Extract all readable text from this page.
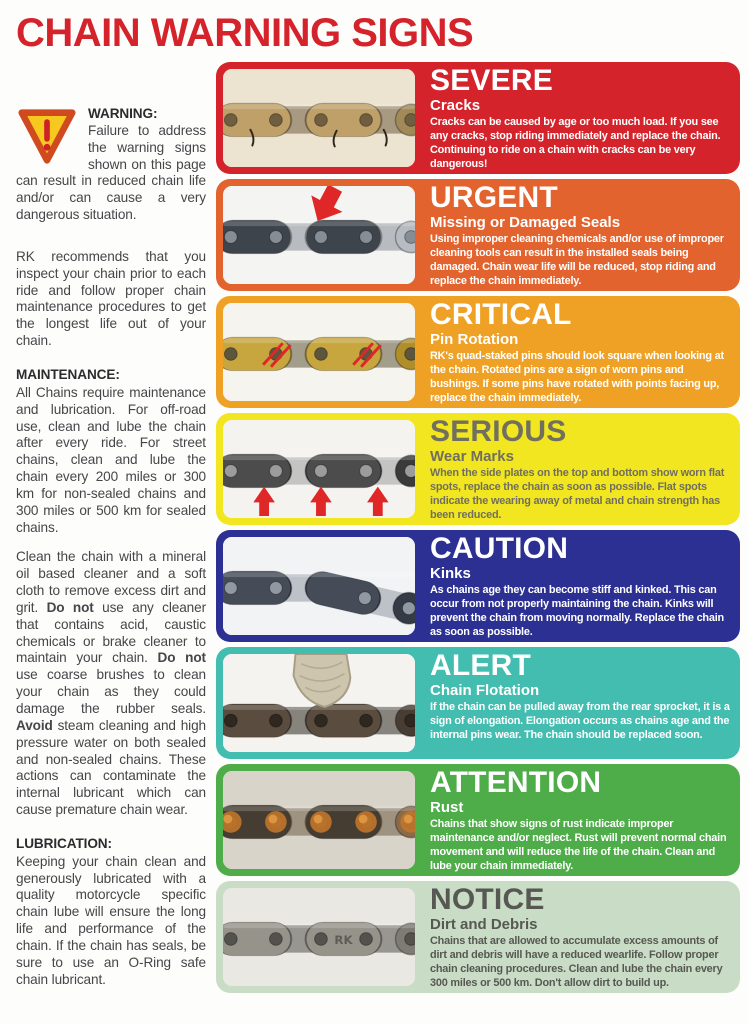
CHAIN WARNING SIGNS

WARNING:
Failure to address the warning signs shown on this page can result in reduced chain life and/or can cause a very dangerous situation.

RK recommends that you inspect your chain prior to each ride and follow proper chain maintenance procedures to get the longest life out of your chain.

MAINTENANCE:

All Chains require maintenance and lubrication. For off-road use, clean and lube the chain after every ride. For street chains, clean and lube the chain every 200 miles or 300 km for non-sealed chains and 300 miles or 500 km for sealed chains.

Clean the chain with a mineral oil based cleaner and a soft cloth to remove excess dirt and grit. Do not use any cleaner that contains acid, caustic chemicals or brake cleaner to maintain your chain. Do not use coarse brushes to clean your chain as they could damage the rubber seals. Avoid steam cleaning and high pressure water on both sealed and non-sealed chains. These actions can contaminate the internal lubricant which can cause premature chain wear.

LUBRICATION:

Keeping your chain clean and generously lubricated with a quality motorcycle specific chain lube will ensure the long life and performance of the chain. If the chain has seals, be sure to use an O-Ring safe chain lubricant.

SEVERE
Cracks
Cracks can be caused by age or too much load. If you see any cracks, stop riding immediately and replace the chain. Continuing to ride on a chain with cracks can be very dangerous!
URGENT
Missing or Damaged Seals
Using improper cleaning chemicals and/or use of improper cleaning tools can result in the installed seals being damaged. Chain wear life will be reduced, stop riding and replace the chain immediately.
CRITICAL
Pin Rotation
RK's quad-staked pins should look square when looking at the chain. Rotated pins are a sign of worn pins and bushings. If some pins have rotated with points facing up, replace the chain immediately.
SERIOUS
Wear Marks
When the side plates on the top and bottom show worn flat spots, replace the chain as soon as possible. Flat spots indicate the wearing away of metal and chain strength has been reduced.
CAUTION
Kinks
As chains age they can become stiff and kinked. This can occur from not properly maintaining the chain. Kinks will prevent the chain from moving normally. Replace the chain as soon as possible.
ALERT
Chain Flotation
If the chain can be pulled away from the rear sprocket, it is a sign of elongation. Elongation occurs as chains age and the internal pins wear. The chain should be replaced soon.
ATTENTION
Rust
Chains that show signs of rust indicate improper maintenance and/or neglect. Rust will prevent normal chain movement and will reduce the life of the chain. Clean and lube your chain immediately.
RK
NOTICE
Dirt and Debris
Chains that are allowed to accumulate excess amounts of dirt and debris will have a reduced wearlife. Follow proper chain cleaning procedures. Clean and lube the chain every 300 miles or 500 km. Don't allow dirt to build up.
